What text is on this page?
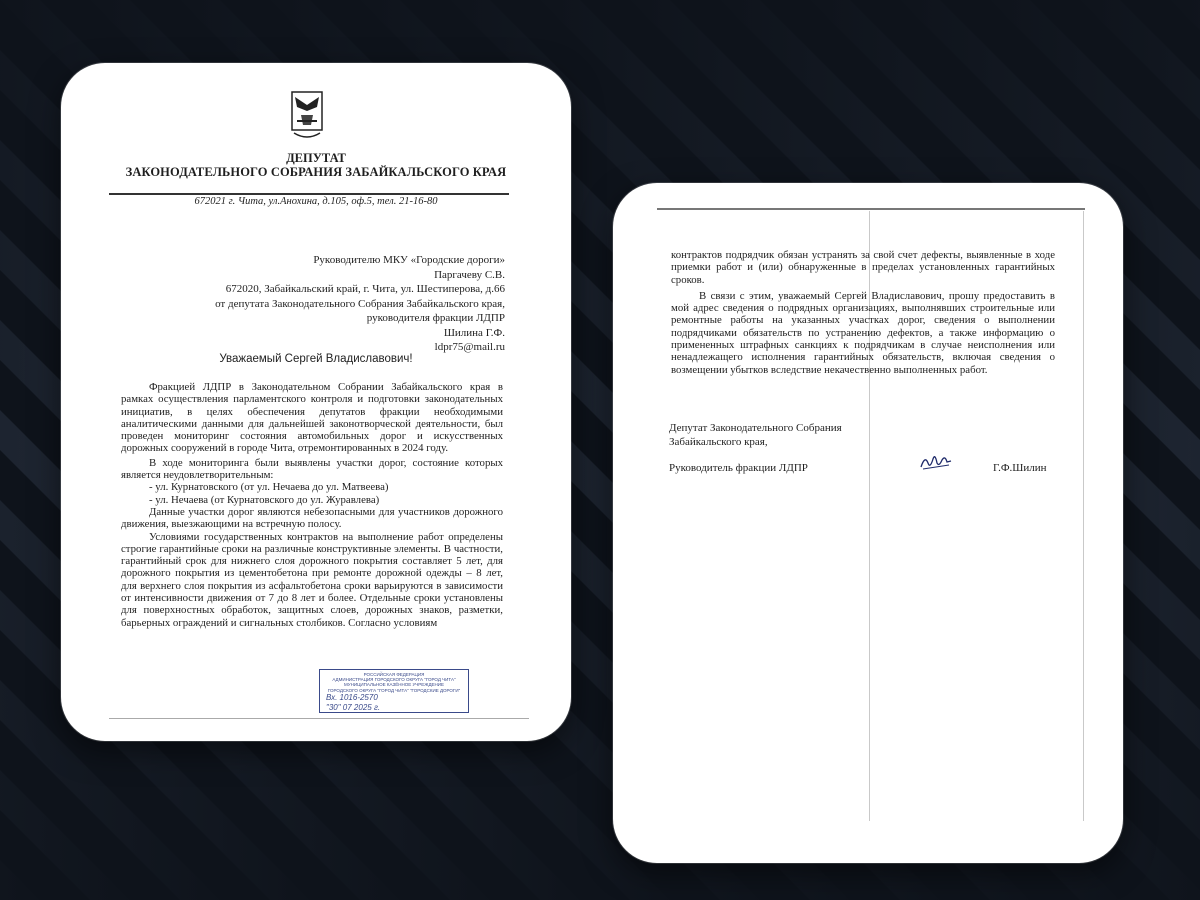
ДЕПУТАТ
ЗАКОНОДАТЕЛЬНОГО СОБРАНИЯ ЗАБАЙКАЛЬСКОГО КРАЯ
672021 г. Чита, ул.Анохина, д.105, оф.5, тел. 21-16-80
Руководителю МКУ «Городские дороги»
Паргачеву С.В.
672020, Забайкальский край, г. Чита, ул. Шестиперова, д.66
от депутата Законодательного Собрания Забайкальского края,
руководителя фракции ЛДПР
Шилина Г.Ф.
ldpr75@mail.ru
Уважаемый Сергей Владиславович!

Фракцией ЛДПР в Законодательном Собрании Забайкальского края в рамках осуществления парламентского контроля и подготовки законодательных инициатив, в целях обеспечения депутатов фракции необходимыми аналитическими данными для дальнейшей законотворческой деятельности, был проведен мониторинг состояния автомобильных дорог и искусственных дорожных сооружений в городе Чита, отремонтированных в 2024 году.

В ходе мониторинга были выявлены участки дорог, состояние которых является неудовлетворительным:

- ул. Курнатовского (от ул. Нечаева до ул. Матвеева)

- ул. Нечаева (от Курнатовского до ул. Журавлева)

Данные участки дорог являются небезопасными для участников дорожного движения, выезжающими на встречную полосу.

Условиями государственных контрактов на выполнение работ определены строгие гарантийные сроки на различные конструктивные элементы. В частности, гарантийный срок для нижнего слоя дорожного покрытия составляет 5 лет, для дорожного покрытия из цементобетона при ремонте дорожной одежды – 8 лет, для верхнего слоя покрытия из асфальтобетона сроки варьируются в зависимости от интенсивности движения от 7 до 8 лет и более. Отдельные сроки установлены для поверхностных обработок, защитных слоев, дорожных знаков, разметки, барьерных ограждений и сигнальных столбиков. Согласно условиям

РОССИЙСКАЯ ФЕДЕРАЦИЯ
АДМИНИСТРАЦИЯ ГОРОДСКОГО ОКРУГА "ГОРОД ЧИТА"
МУНИЦИПАЛЬНОЕ КАЗЁННОЕ УЧРЕЖДЕНИЕ
ГОРОДСКОГО ОКРУГА "ГОРОД ЧИТА" "ГОРОДСКИЕ ДОРОГИ"
Вх. 1016-2570
"30" 07 2025 г.

контрактов подрядчик обязан устранять за свой счет дефекты, выявленные в ходе приемки работ и (или) обнаруженные в пределах установленных гарантийных сроков.

В связи с этим, уважаемый Сергей Владиславович, прошу предоставить в мой адрес сведения о подрядных организациях, выполнявших строительные или ремонтные работы на указанных участках дорог, сведения о выполнении подрядчиками обязательств по устранению дефектов, а также информацию о примененных штрафных санкциях к подрядчикам в случае неисполнения или ненадлежащего исполнения гарантийных обязательств, включая сведения о возмещении убытков вследствие некачественно выполненных работ.

Депутат Законодательного Собрания
Забайкальского края,
Руководитель фракции ЛДПР	Г.Ф.Шилин
